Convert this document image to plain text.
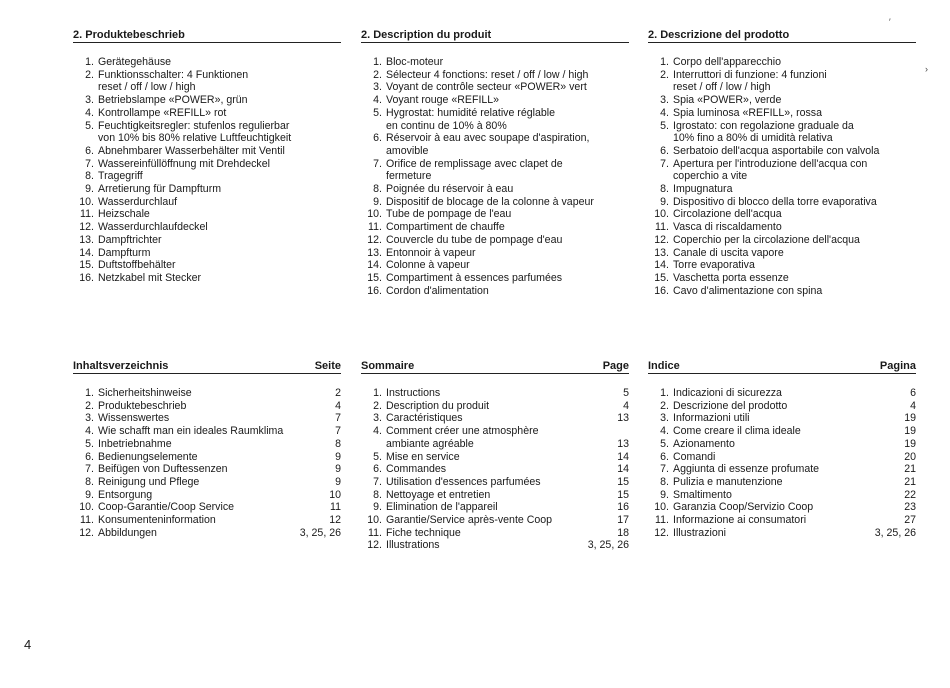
2. Produktebeschrieb
1. Gerätegehäuse
2. Funktionsschalter: 4 Funktionen
reset / off / low / high
3. Betriebslampe «POWER», grün
4. Kontrollampe «REFILL» rot
5. Feuchtigkeitsregler: stufenlos regulierbar
von 10% bis 80% relative Luftfeuchtigkeit
6. Abnehmbarer Wasserbehälter mit Ventil
7. Wassereinfüllöffnung mit Drehdeckel
8. Tragegriff
9. Arretierung für Dampfturm
10. Wasserdurchlauf
11. Heizschale
12. Wasserdurchlaufdeckel
13. Dampftrichter
14. Dampfturm
15. Duftstoffbehälter
16. Netzkabel mit Stecker
2. Description du produit
1. Bloc-moteur
2. Sélecteur 4 fonctions: reset / off / low / high
3. Voyant de contrôle secteur «POWER» vert
4. Voyant rouge «REFILL»
5. Hygrostat: humidité relative réglable
en continu de 10% à 80%
6. Réservoir à eau avec soupape d'aspiration,
amovible
7. Orifice de remplissage avec clapet de
fermeture
8. Poignée du réservoir à eau
9. Dispositif de blocage de la colonne à vapeur
10. Tube de pompage de l'eau
11. Compartiment de chauffe
12. Couvercle du tube de pompage d'eau
13. Entonnoir à vapeur
14. Colonne à vapeur
15. Compartiment à essences parfumées
16. Cordon d'alimentation
2. Descrizione del prodotto
1. Corpo dell'apparecchio
2. Interruttori di funzione: 4 funzioni
reset / off / low / high
3. Spia «POWER», verde
4. Spia luminosa «REFILL», rossa
5. Igrostato: con regolazione graduale da
10% fino a 80% di umidità relativa
6. Serbatoio dell'acqua asportabile con valvola
7. Apertura per l'introduzione dell'acqua con
coperchio a vite
8. Impugnatura
9. Dispositivo di blocco della torre evaporativa
10. Circolazione dell'acqua
11. Vasca di riscaldamento
12. Coperchio per la circolazione dell'acqua
13. Canale di uscita vapore
14. Torre evaporativa
15. Vaschetta porta essenze
16. Cavo d'alimentazione con spina
Inhaltsverzeichnis	Seite
1. Sicherheitshinweise	2
2. Produktebeschrieb	4
3. Wissenswertes	7
4. Wie schafft man ein ideales Raumklima	7
5. Inbetriebnahme	8
6. Bedienungselemente	9
7. Beifügen von Duftessenzen	9
8. Reinigung und Pflege	9
9. Entsorgung	10
10. Coop-Garantie/Coop Service	11
11. Konsumenteninformation	12
12. Abbildungen	3, 25, 26
Sommaire	Page
1. Instructions	5
2. Description du produit	4
3. Caractéristiques	13
4. Comment créer une atmosphère
ambiante agréable	13
5. Mise en service	14
6. Commandes	14
7. Utilisation d'essences parfumées	15
8. Nettoyage et entretien	15
9. Elimination de l'appareil	16
10. Garantie/Service après-vente Coop	17
11. Fiche technique	18
12. Illustrations	3, 25, 26
Indice	Pagina
1. Indicazioni di sicurezza	6
2. Descrizione del prodotto	4
3. Informazioni utili	19
4. Come creare il clima ideale	19
5. Azionamento	19
6. Comandi	20
7. Aggiunta di essenze profumate	21
8. Pulizia e manutenzione	21
9. Smaltimento	22
10. Garanzia Coop/Servizio Coop	23
11. Informazione ai consumatori	27
12. Illustrazioni	3, 25, 26
4
′
›
